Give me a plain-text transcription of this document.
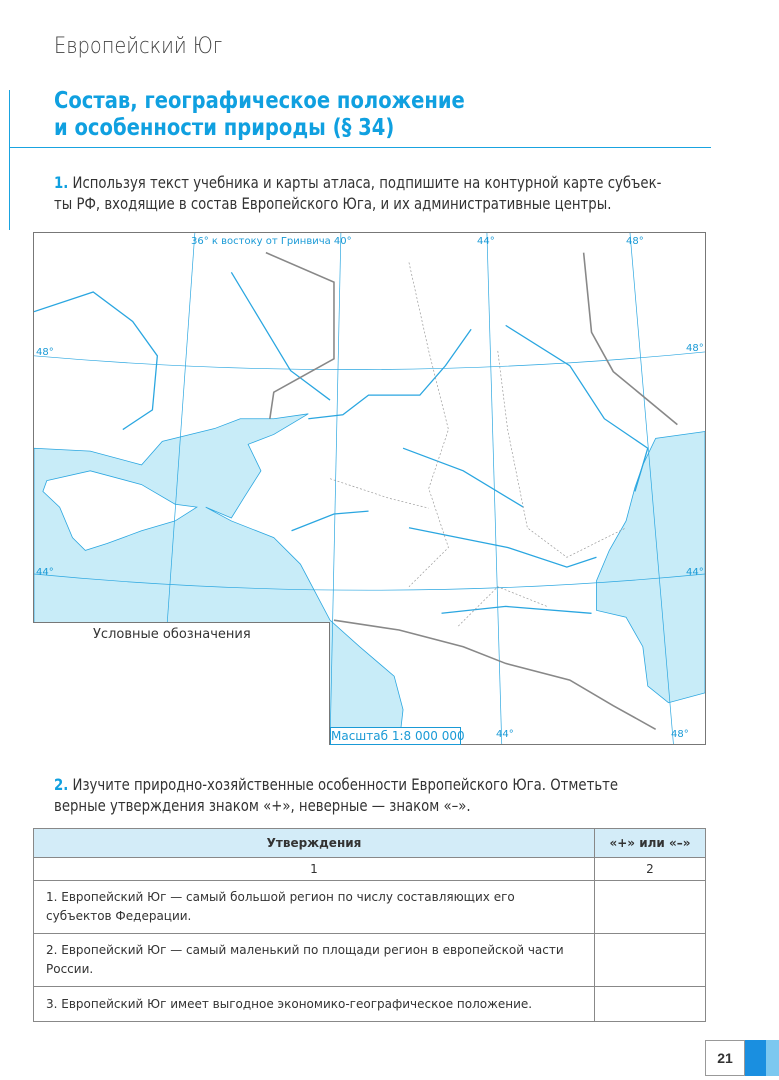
Европейский Юг
Состав, географическое положение
и особенности природы (§ 34)
1. Используя текст учебника и карты атласа, подпишите на контурной карте субъек-
ты РФ, входящие в состав Европейского Юга, и их административные центры.
36° к востоку от Гринвича 40°	44°	48°
48°	48°
44°	44°
44°	48°
Условные обозначения
Масштаб 1:8 000 000
2. Изучите природно-хозяйственные особенности Европейского Юга. Отметьте
верные утверждения знаком «+», неверные — знаком «–».
Утверждения	«+» или «–»
1	2

1. Европейский Юг — самый большой регион по числу составляющих его
субъектов Федерации.	

2. Европейский Юг — самый маленький по площади регион в европейской части
России.	

3. Европейский Юг имеет выгодное экономико-географическое положение.	
21
